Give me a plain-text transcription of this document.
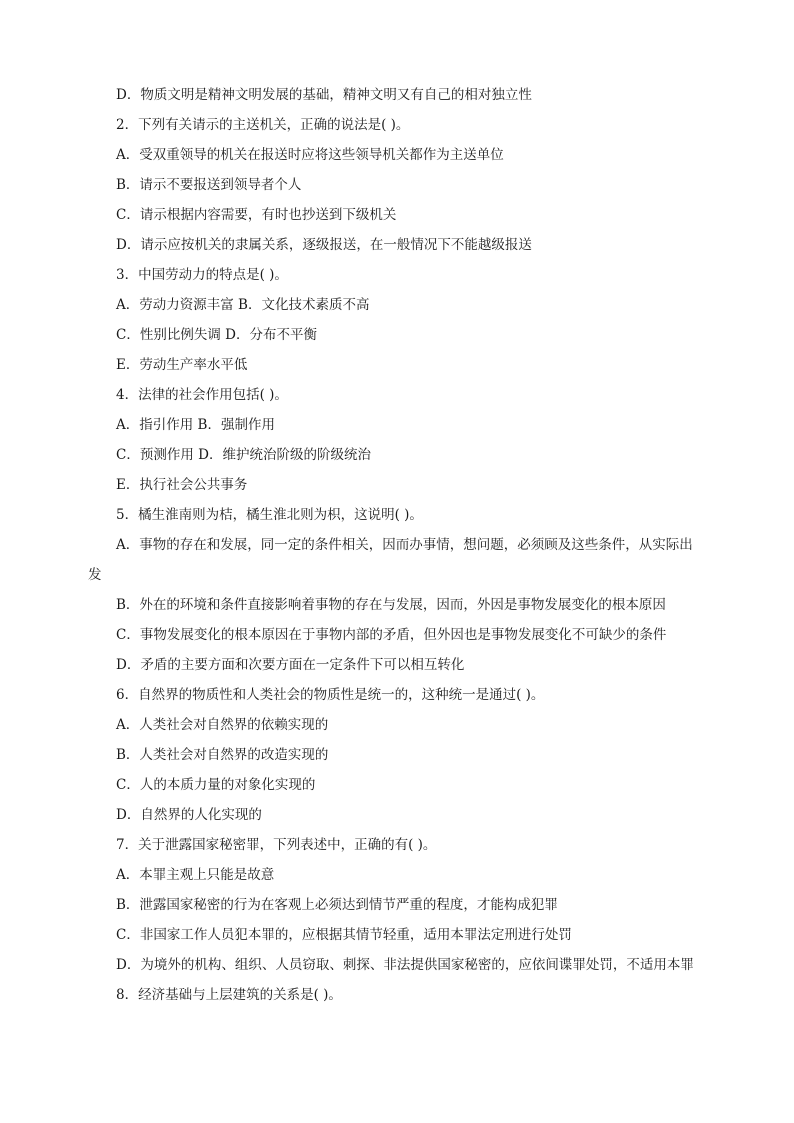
D．物质文明是精神文明发展的基础，精神文明又有自己的相对独立性

2．下列有关请示的主送机关，正确的说法是( )。

A．受双重领导的机关在报送时应将这些领导机关都作为主送单位

B．请示不要报送到领导者个人

C．请示根据内容需要，有时也抄送到下级机关

D．请示应按机关的隶属关系，逐级报送，在一般情况下不能越级报送

3．中国劳动力的特点是( )。

A．劳动力资源丰富 B．文化技术素质不高

C．性别比例失调 D．分布不平衡

E．劳动生产率水平低

4．法律的社会作用包括( )。

A．指引作用 B．强制作用

C．预测作用 D．维护统治阶级的阶级统治

E．执行社会公共事务

5．橘生淮南则为桔，橘生淮北则为枳，这说明( )。

A．事物的存在和发展，同一定的条件相关，因而办事情，想问题，必须顾及这些条件，从实际出发

B．外在的环境和条件直接影响着事物的存在与发展，因而，外因是事物发展变化的根本原因

C．事物发展变化的根本原因在于事物内部的矛盾，但外因也是事物发展变化不可缺少的条件

D．矛盾的主要方面和次要方面在一定条件下可以相互转化

6．自然界的物质性和人类社会的物质性是统一的，这种统一是通过( )。

A．人类社会对自然界的依赖实现的

B．人类社会对自然界的改造实现的

C．人的本质力量的对象化实现的

D．自然界的人化实现的

7．关于泄露国家秘密罪，下列表述中，正确的有( )。

A．本罪主观上只能是故意

B．泄露国家秘密的行为在客观上必须达到情节严重的程度，才能构成犯罪

C．非国家工作人员犯本罪的，应根据其情节轻重，适用本罪法定刑进行处罚

D．为境外的机构、组织、人员窃取、刺探、非法提供国家秘密的，应依间谍罪处罚，不适用本罪

8．经济基础与上层建筑的关系是( )。
